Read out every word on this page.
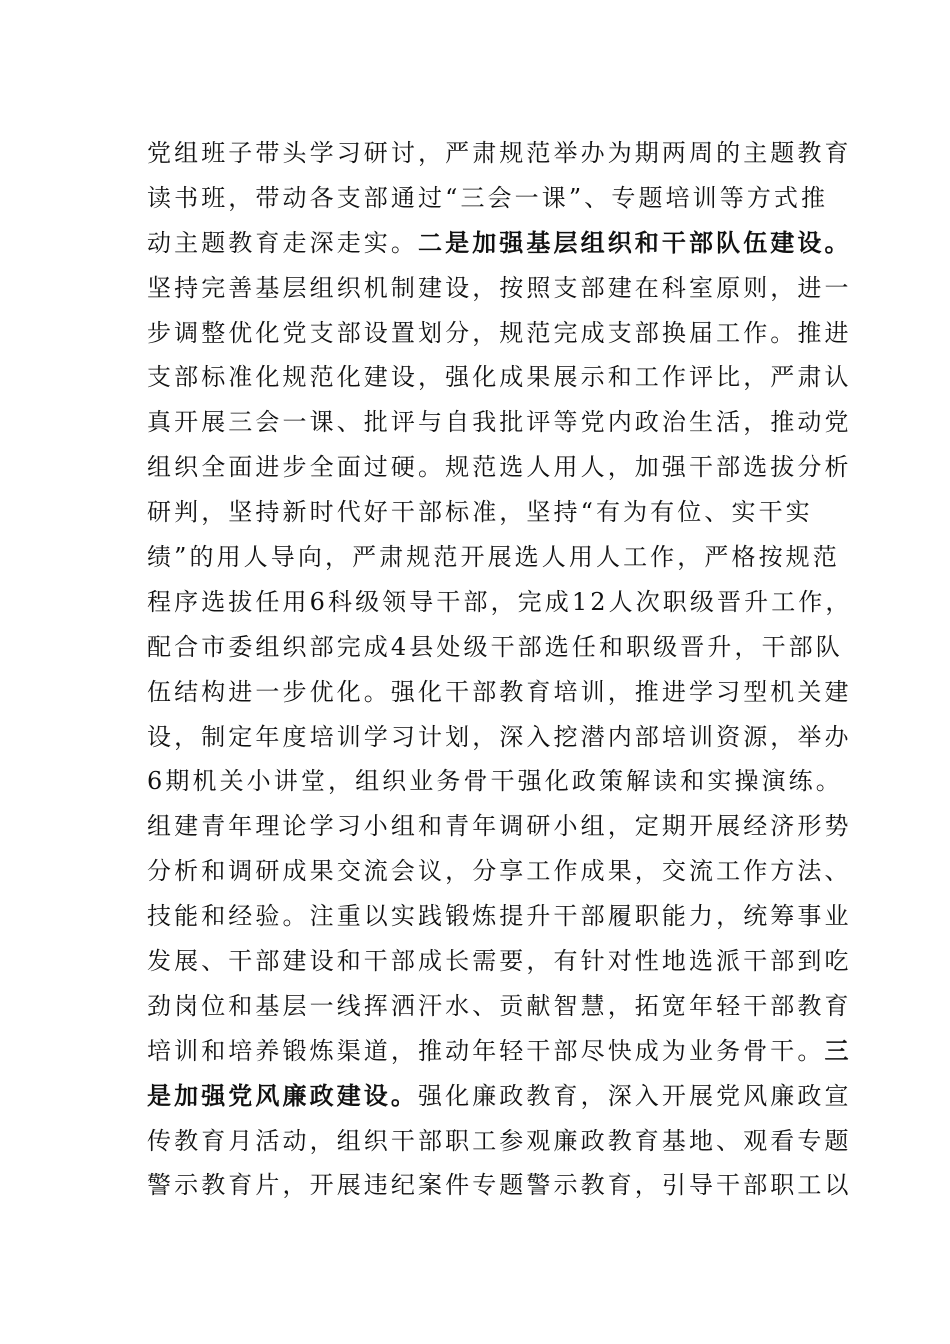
党组班子带头学习研讨，严肃规范举办为期两周的主题教育
读书班，带动各支部通过“三会一课”、专题培训等方式推
动主题教育走深走实。二是加强基层组织和干部队伍建设。
坚持完善基层组织机制建设，按照支部建在科室原则，进一
步调整优化党支部设置划分，规范完成支部换届工作。推进
支部标准化规范化建设，强化成果展示和工作评比，严肃认
真开展三会一课、批评与自我批评等党内政治生活，推动党
组织全面进步全面过硬。规范选人用人，加强干部选拔分析
研判，坚持新时代好干部标准，坚持“有为有位、实干实
绩”的用人导向，严肃规范开展选人用人工作，严格按规范
程序选拔任用6科级领导干部，完成12人次职级晋升工作，
配合市委组织部完成4县处级干部选任和职级晋升，干部队
伍结构进一步优化。强化干部教育培训，推进学习型机关建
设，制定年度培训学习计划，深入挖潜内部培训资源，举办
6期机关小讲堂，组织业务骨干强化政策解读和实操演练。
组建青年理论学习小组和青年调研小组，定期开展经济形势
分析和调研成果交流会议，分享工作成果，交流工作方法、
技能和经验。注重以实践锻炼提升干部履职能力，统筹事业
发展、干部建设和干部成长需要，有针对性地选派干部到吃
劲岗位和基层一线挥洒汗水、贡献智慧，拓宽年轻干部教育
培训和培养锻炼渠道，推动年轻干部尽快成为业务骨干。三
是加强党风廉政建设。强化廉政教育，深入开展党风廉政宣
传教育月活动，组织干部职工参观廉政教育基地、观看专题
警示教育片，开展违纪案件专题警示教育，引导干部职工以
